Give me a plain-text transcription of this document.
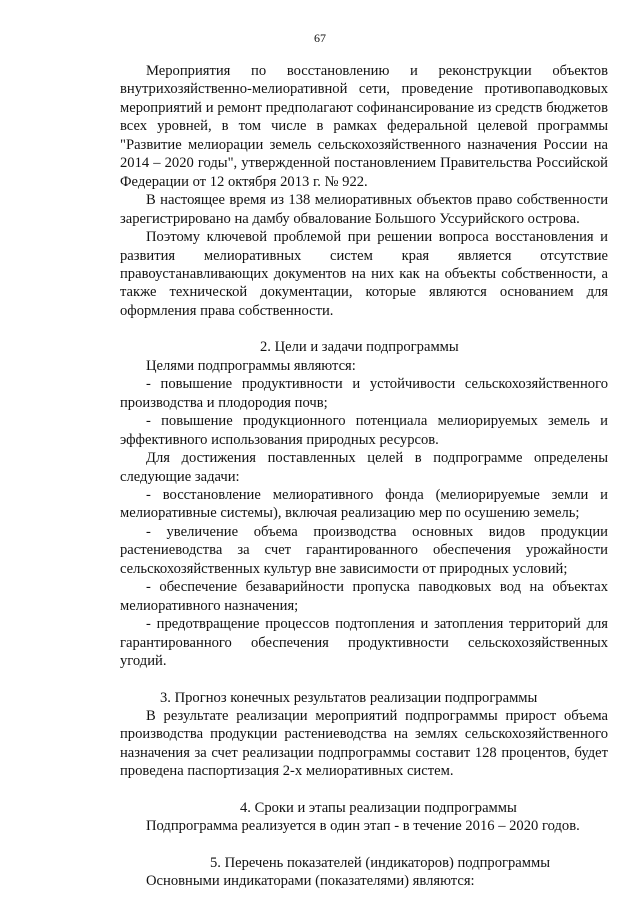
67

Мероприятия по восстановлению и реконструкции объектов внутрихозяйственно-мелиоративной сети, проведение противопаводковых мероприятий и ремонт предполагают софинансирование из средств бюджетов всех уровней, в том числе в рамках федеральной целевой программы "Развитие мелиорации земель сельскохозяйственного назначения России на 2014 – 2020 годы", утвержденной постановлением Правительства Российской Федерации от 12 октября 2013 г. № 922.

В настоящее время из 138 мелиоративных объектов право собственности зарегистрировано на дамбу обвалование Большого Уссурийского острова.

Поэтому ключевой проблемой при решении вопроса восстановления и развития мелиоративных систем края является отсутствие правоустанавливающих документов на них как на объекты собственности, а также технической документации, которые являются основанием для оформления права собственности.

2. Цели и задачи подпрограммы

Целями подпрограммы являются:

- повышение продуктивности и устойчивости сельскохозяйственного производства и плодородия почв;

- повышение продукционного потенциала мелиорируемых земель и эффективного использования природных ресурсов.

Для достижения поставленных целей в подпрограмме определены следующие задачи:

- восстановление мелиоративного фонда (мелиорируемые земли и мелиоративные системы), включая реализацию мер по осушению земель;

- увеличение объема производства основных видов продукции растениеводства за счет гарантированного обеспечения урожайности сельскохозяйственных культур вне зависимости от природных условий;

- обеспечение безаварийности пропуска паводковых вод на объектах мелиоративного назначения;

- предотвращение процессов подтопления и затопления территорий для гарантированного обеспечения продуктивности сельскохозяйственных угодий.

3. Прогноз конечных результатов реализации подпрограммы

В результате реализации мероприятий подпрограммы прирост объема производства продукции растениеводства на землях сельскохозяйственного назначения за счет реализации подпрограммы составит 128 процентов, будет проведена паспортизация 2-х мелиоративных систем.

4. Сроки и этапы реализации подпрограммы

Подпрограмма реализуется в один этап - в течение 2016 – 2020 годов.

5. Перечень показателей (индикаторов) подпрограммы

Основными индикаторами (показателями) являются:
